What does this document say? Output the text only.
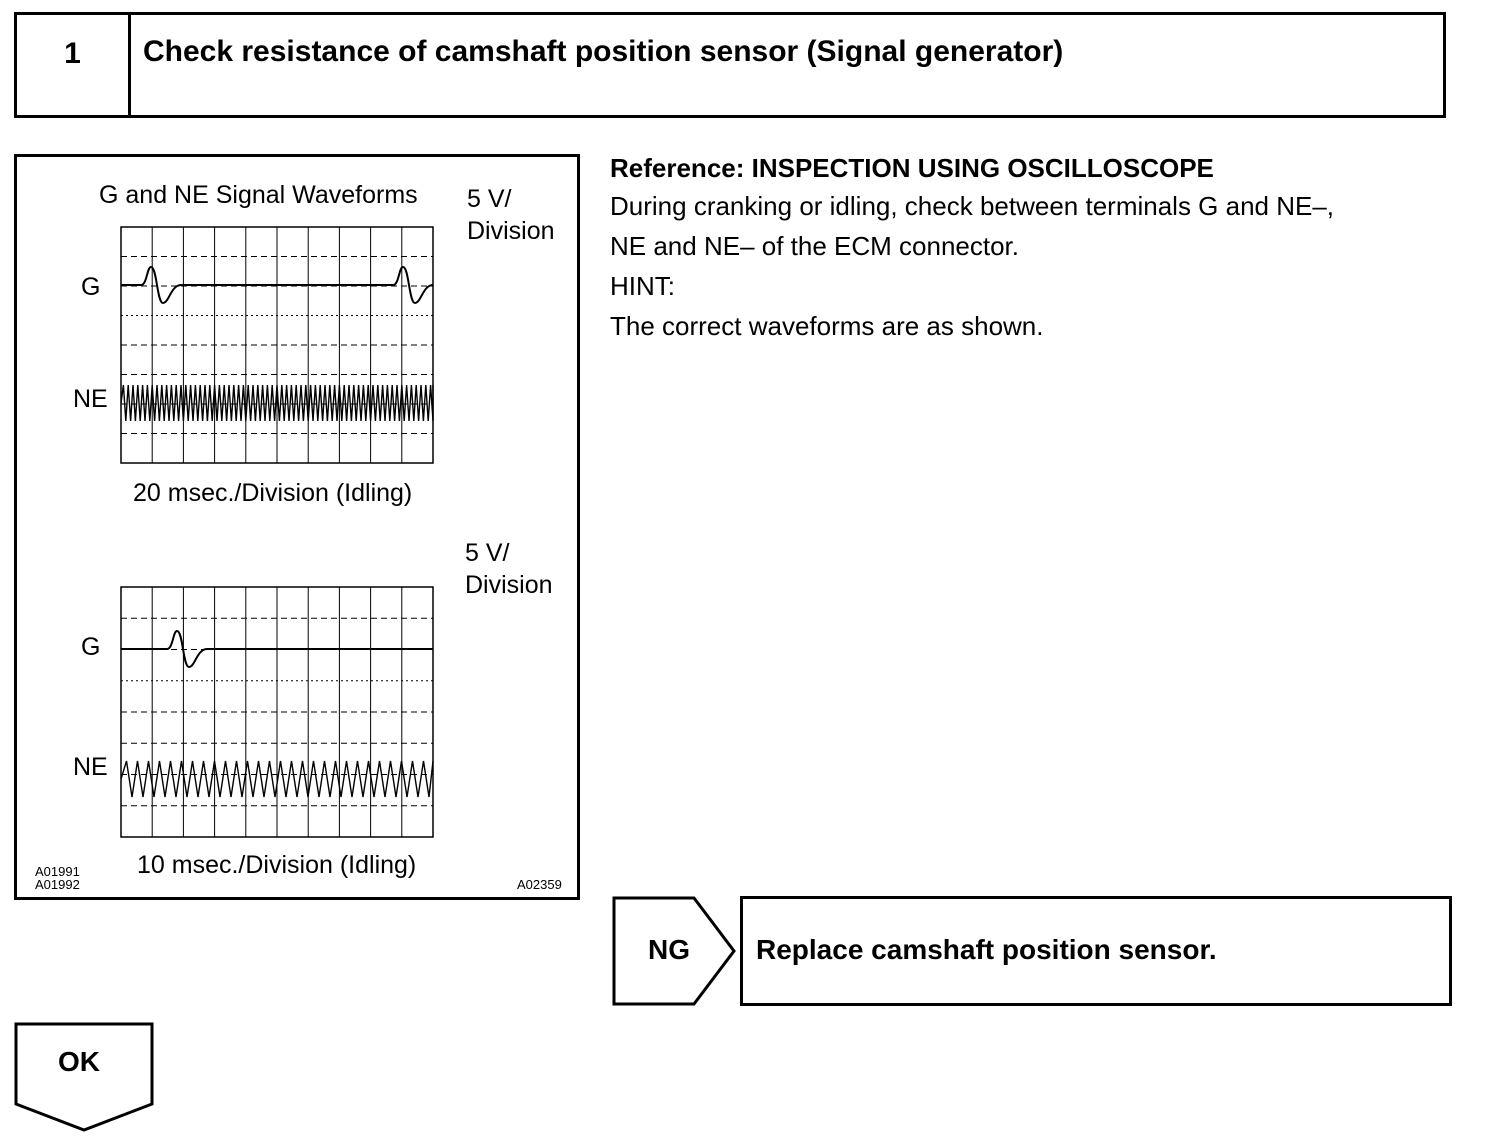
1	Check resistance of camshaft position sensor (Signal generator)
G and NE Signal Waveforms 5 V/
Division
G
NE
20 msec./Division (Idling)
5 V/
Division
G
NE
10 msec./Division (Idling)
A01991
A01992	A02359
Reference: INSPECTION USING OSCILLOSCOPE
During cranking or idling, check between terminals G and NE–,
NE and NE– of the ECM connector.
HINT:
The correct waveforms are as shown.
NG Replace camshaft position sensor.
OK
